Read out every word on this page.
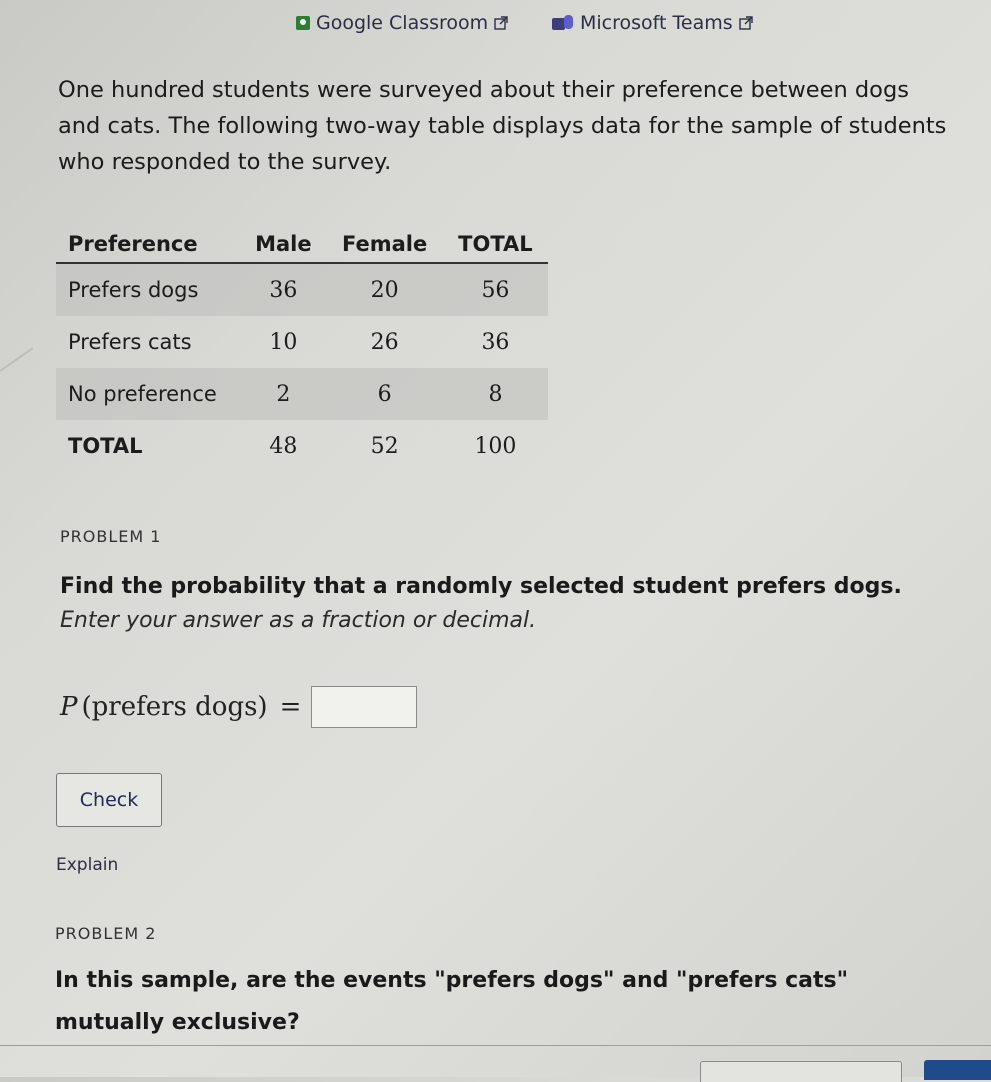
Google Classroom	Microsoft Teams
One hundred students were surveyed about their preference between dogs and cats. The following two-way table displays data for the sample of students who responded to the survey.
Preference	Male	Female	TOTAL
Prefers dogs	36	20	56
Prefers cats	10	26	36
No preference	2	6	8
TOTAL	48	52	100
PROBLEM 1
Find the probability that a randomly selected student prefers dogs.
Enter your answer as a fraction or decimal.
P (prefers dogs) =
Check
Explain
PROBLEM 2
In this sample, are the events "prefers dogs" and "prefers cats" mutually exclusive?
